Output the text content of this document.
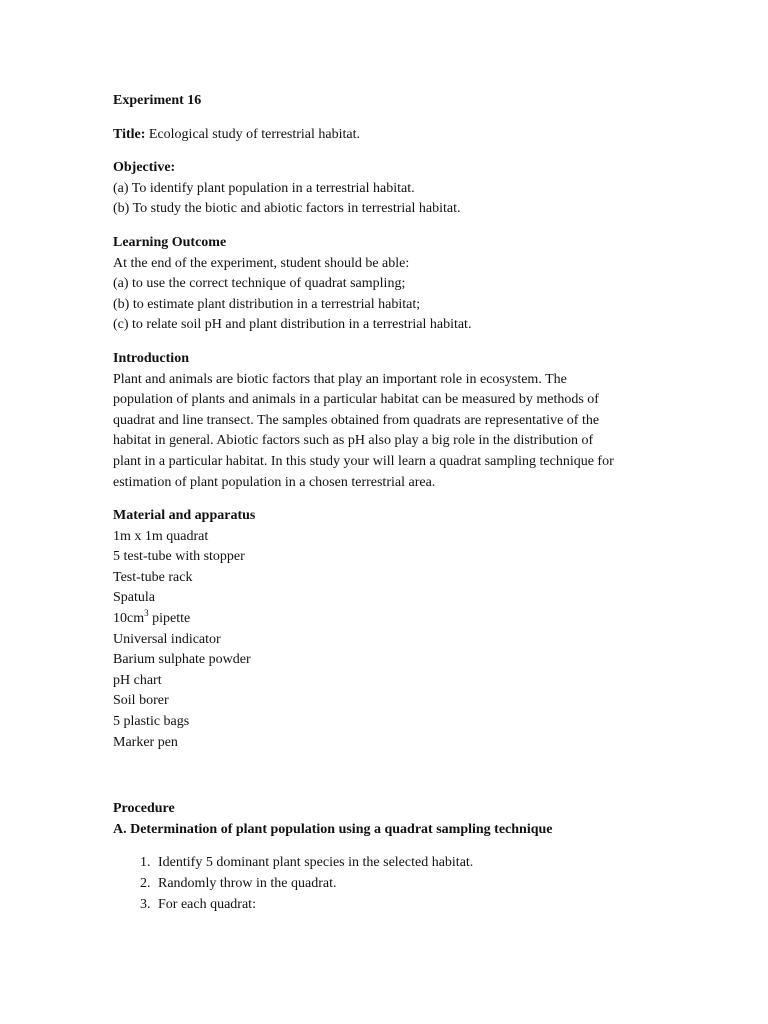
Experiment 16

Title: Ecological study of terrestrial habitat.

Objective:

(a) To identify plant population in a terrestrial habitat.

(b) To study the biotic and abiotic factors in terrestrial habitat.

Learning Outcome

At the end of the experiment, student should be able:

(a) to use the correct technique of quadrat sampling;

(b) to estimate plant distribution in a terrestrial habitat;

(c) to relate soil pH and plant distribution in a terrestrial habitat.

Introduction

Plant and animals are biotic factors that play an important role in ecosystem. The

population of plants and animals in a particular habitat can be measured by methods of

quadrat and line transect. The samples obtained from quadrats are representative of the

habitat in general. Abiotic factors such as pH also play a big role in the distribution of

plant in a particular habitat. In this study your will learn a quadrat sampling technique for

estimation of plant population in a chosen terrestrial area.

Material and apparatus

1m x 1m quadrat

5 test-tube with stopper

Test-tube rack

Spatula

$10cm^3$ pipette

Universal indicator

Barium sulphate powder

pH chart

Soil borer

5 plastic bags

Marker pen

Procedure

A. Determination of plant population using a quadrat sampling technique

1. Identify 5 dominant plant species in the selected habitat.
2. Randomly throw in the quadrat.
3. For each quadrat:
